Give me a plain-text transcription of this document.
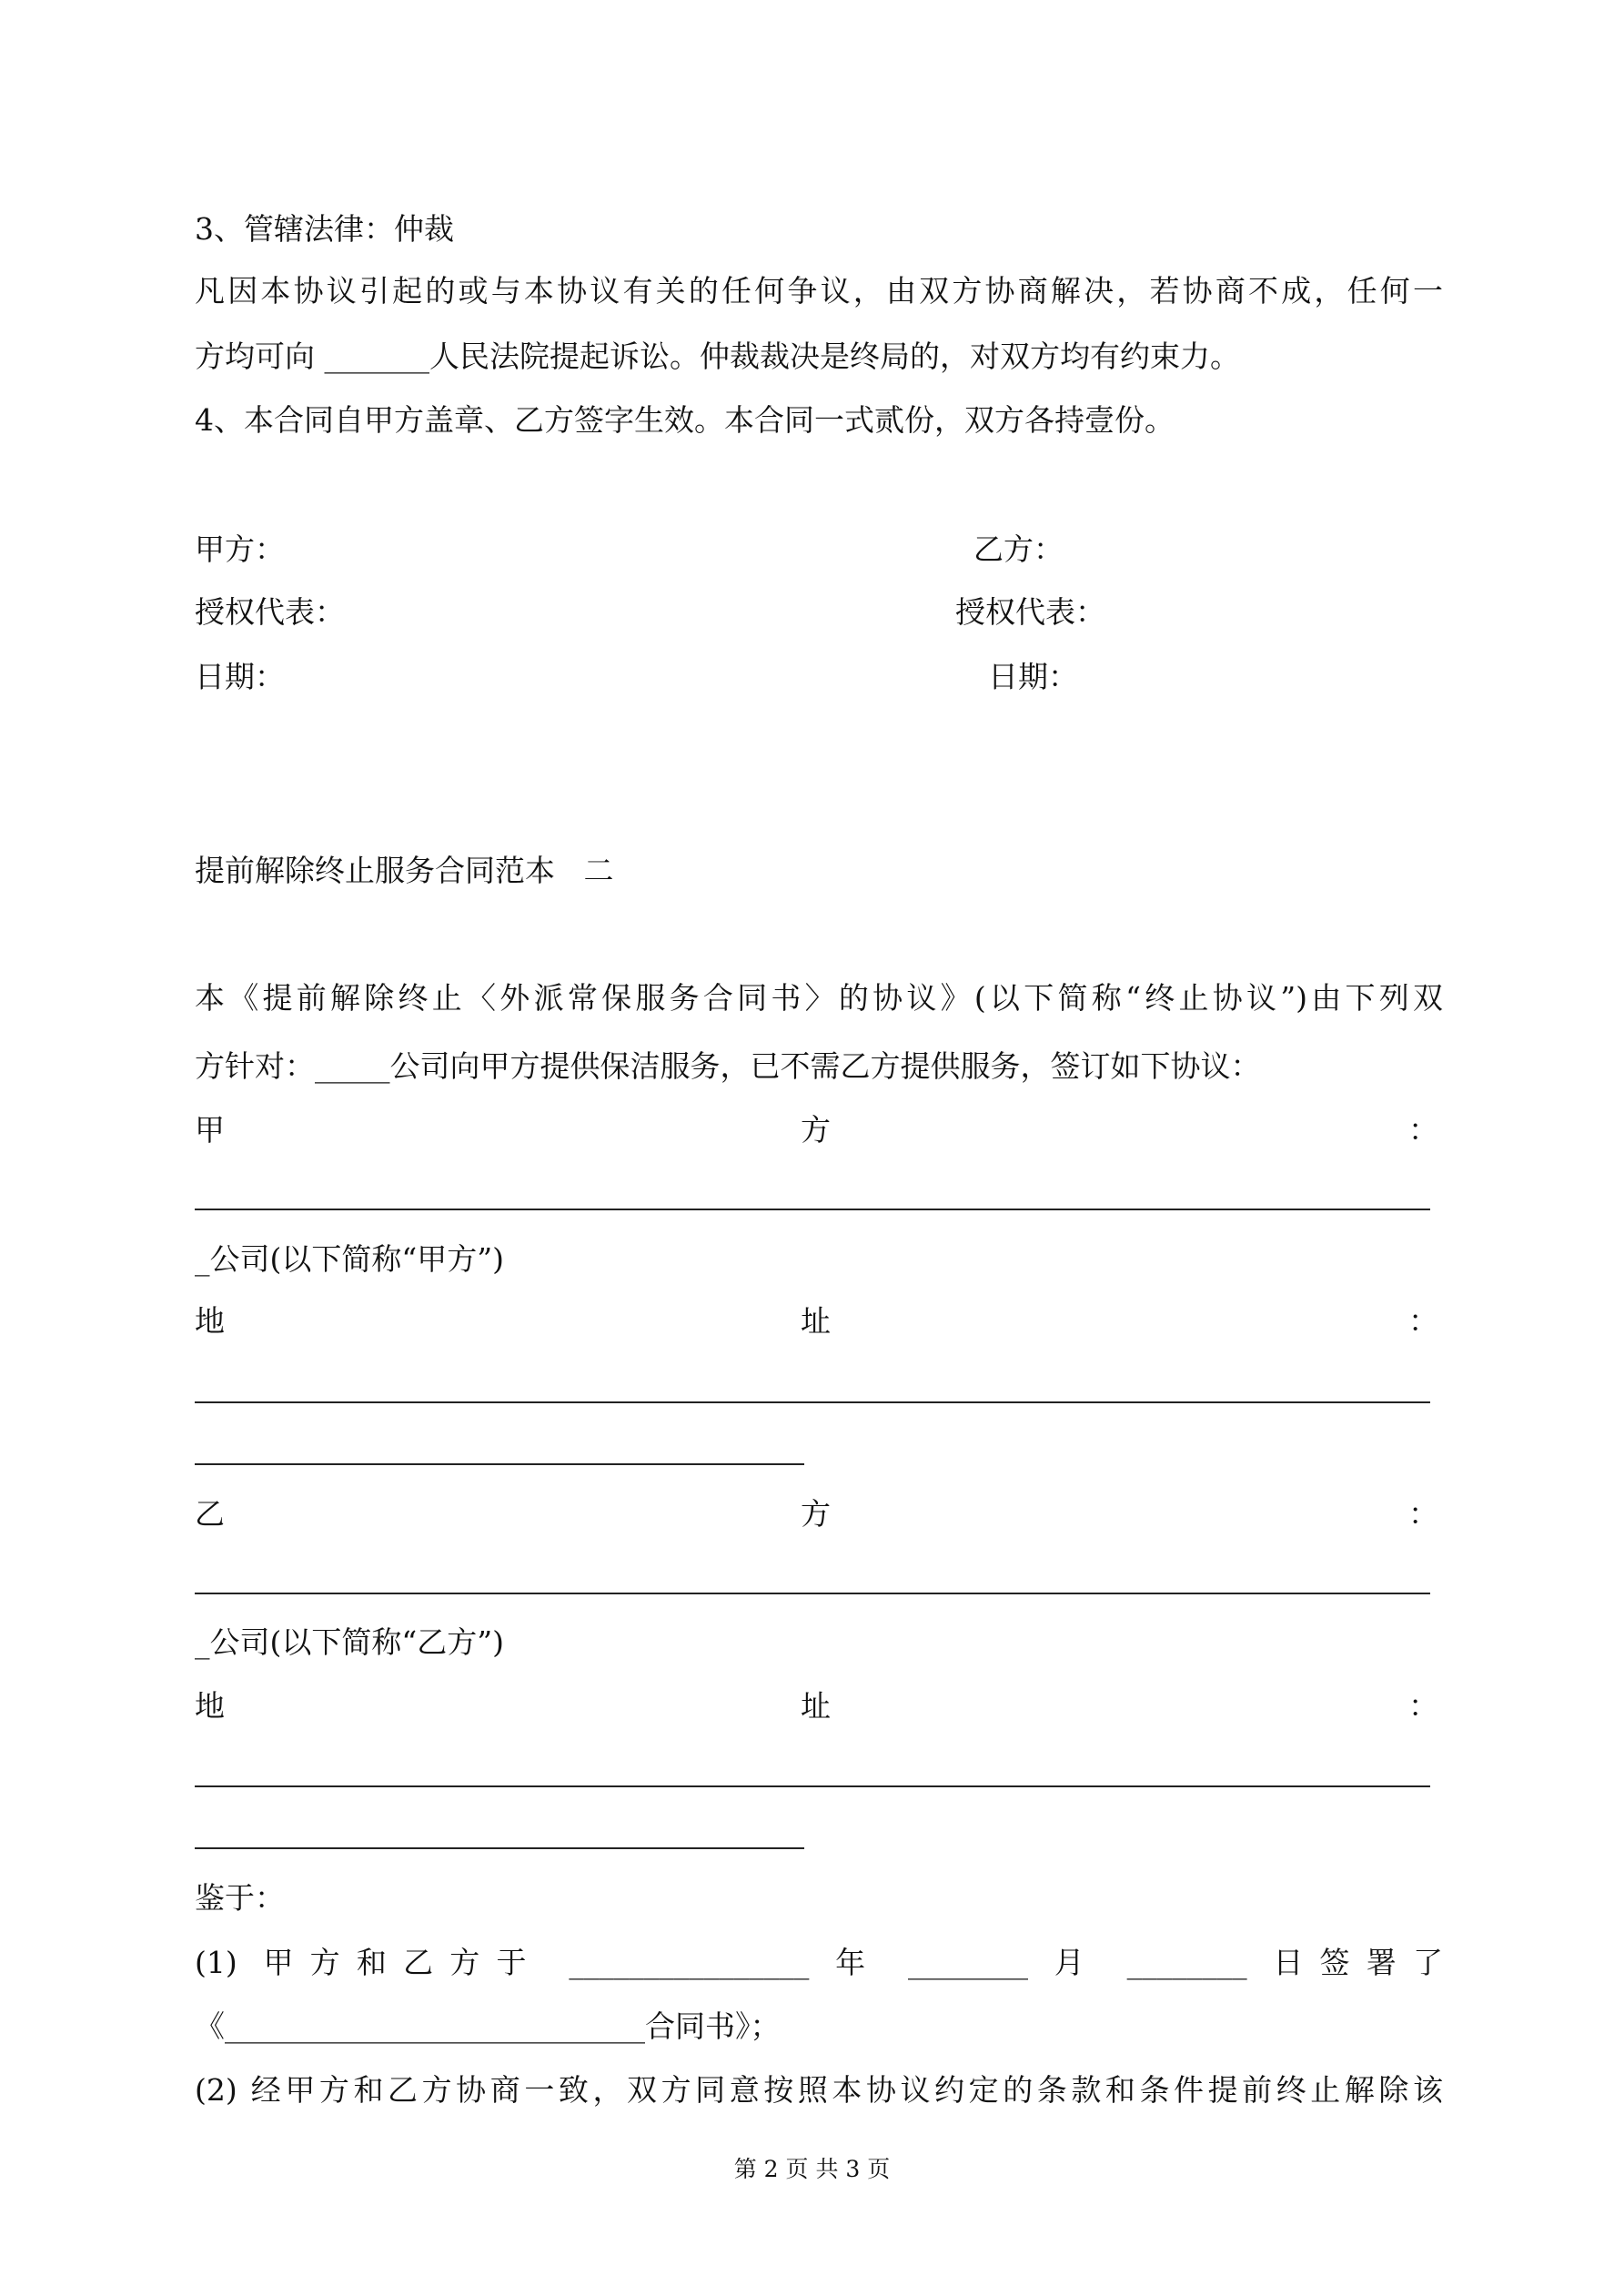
3、管辖法律：仲裁
凡因本协议引起的或与本协议有关的任何争议，由双方协商解决，若协商不成，任何一
方均可向 _______人民法院提起诉讼。仲裁裁决是终局的，对双方均有约束力。
4、本合同自甲方盖章、乙方签字生效。本合同一式贰份，双方各持壹份。
甲方：	乙方：
授权代表：	授权代表：
日期：	日期：
提前解除终止服务合同范本   二
本《提前解除终止〈外派常保服务合同书〉的协议》(以下简称“终止协议”)由下列双
方针对：_____公司向甲方提供保洁服务，已不需乙方提供服务，签订如下协议：
甲	方	：
_公司(以下简称“甲方”)
地	址	：
乙	方	：
_公司(以下简称“乙方”)
地	址	：
鉴于：
(1) 甲方和乙方于 ________________ 年 ________ 月 ________ 日签署了
《____________________________合同书》；
(2) 经甲方和乙方协商一致，双方同意按照本协议约定的条款和条件提前终止解除该
第 2 页 共 3 页
